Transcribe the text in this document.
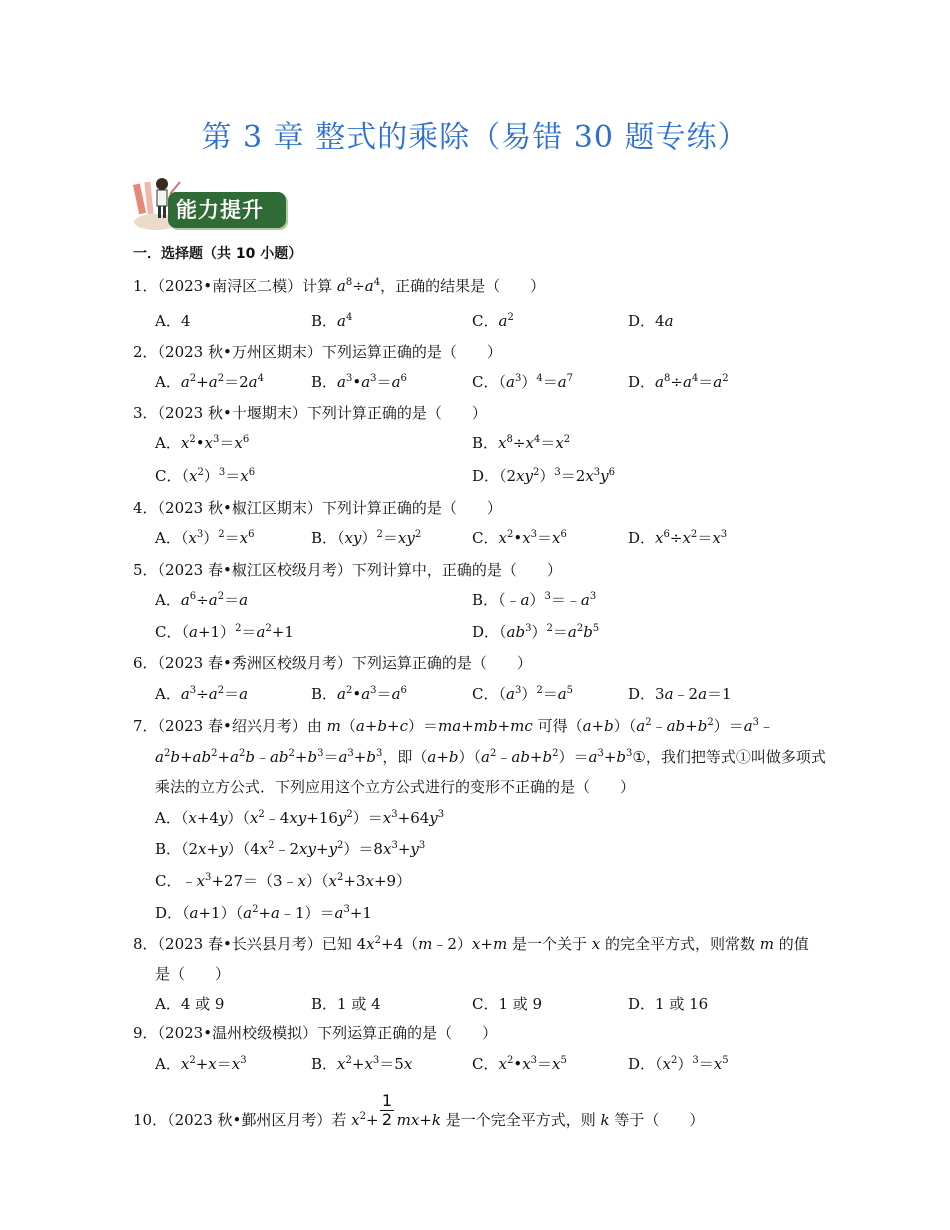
第 3 章 整式的乘除（易错 30 题专练）
能力提升
一．选择题（共 10 小题）
1．（2023•南浔区二模）计算 $a^8\div a^4$，正确的结果是（　　）
A．4	B．$a^4$	C．$a^2$	D．4a
2．（2023 秋•万州区期末）下列运算正确的是（　　）
A．$a^2+a^2=2a^4$	B．$a^3•a^3=a^6$	C．$(a^3)^4=a^7$	D．$a^8\div a^4=a^2$
3．（2023 秋•十堰期末）下列计算正确的是（　　）
A．$x^2•x^3=x^6$	B．$x^8\div x^4=x^2$
C．$(x^2)^3=x^6$	D．$(2xy^2)^3=2x^3y^6$
4．（2023 秋•椒江区期末）下列计算正确的是（　　）
A．$(x^3)^2=x^6$	B．$(xy)^2=xy^2$	C．$x^2•x^3=x^6$	D．$x^6\div x^2=x^3$
5．（2023 春•椒江区校级月考）下列计算中，正确的是（　　）
A．$a^6\div a^2=a$	B．$(﹣a)^3=﹣a^3$
C．$(a+1)^2=a^2+1$	D．$(ab^3)^2=a^2b^5$
6．（2023 春•秀洲区校级月考）下列运算正确的是（　　）
A．$a^3\div a^2=a$	B．$a^2•a^3=a^6$	C．$(a^3)^2=a^5$	D．3a﹣2a＝1
7．（2023 春•绍兴月考）由 m（a+b+c）＝ma+mb+mc 可得$(a+b)(a^2﹣ab+b^2)=a^3﹣$
$a^2b+ab^2+a^2b﹣ab^2+b^3=a^3+b^3$，即$(a+b)(a^2﹣ab+b^2)=a^3+b^3①$，我们把等式①叫做多项式
乘法的立方公式．下列应用这个立方公式进行的变形不正确的是（　　）
A．$(x+4y)(x^2﹣4xy+16y^2)=x^3+64y^3$
B．$(2x+y)(4x^2﹣2xy+y^2)=8x^3+y^3$
C．$﹣x^3+27=(3﹣x)(x^2+3x+9)$
D．$(a+1)(a^2+a﹣1)=a^3+1$
8．（2023 春•长兴县月考）已知 $4x^2+4(m﹣2)x+m$ 是一个关于 x 的完全平方式，则常数 m 的值
是（　　）
A．4 或 9	B．1 或 4	C．1 或 9	D．1 或 16
9．（2023•温州校级模拟）下列运算正确的是（　　）
A．$x^2+x=x^3$	B．$x^2+x^3=5x$	C．$x^2•x^3=x^5$	D．$(x^2)^3=x^5$
1
2
10．（2023 秋•鄞州区月考）若 $x^2+ mx+k$ 是一个完全平方式，则 k 等于（　　）
